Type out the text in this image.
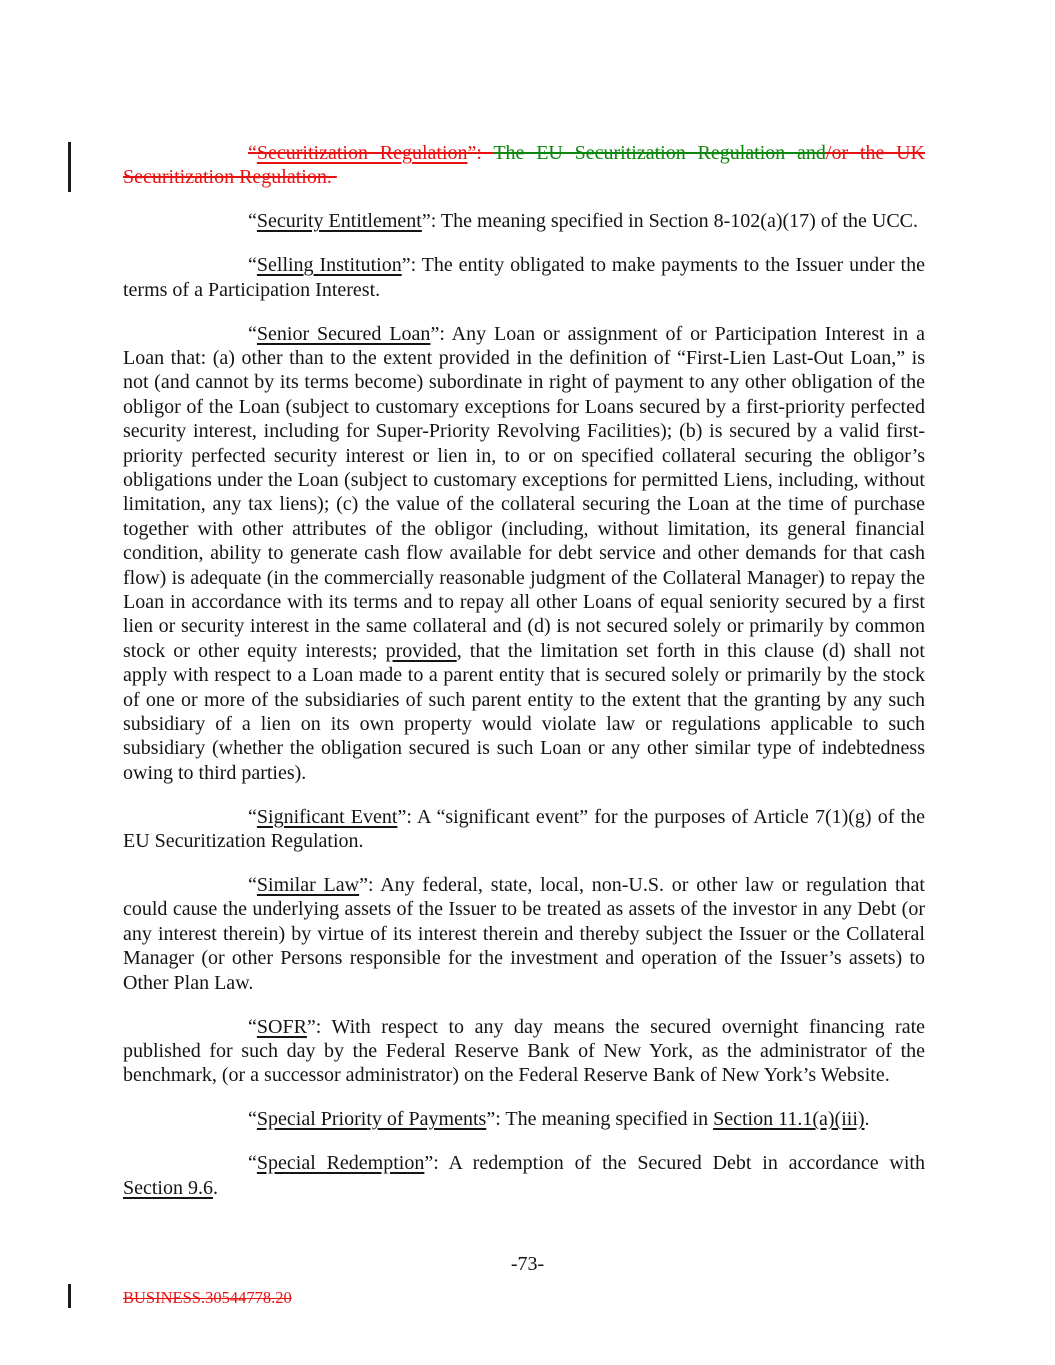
“Securitization Regulation”: The EU Securitization Regulation and/or the UK Securitization Regulation.

“Security Entitlement”: The meaning specified in Section 8-102(a)(17) of the UCC.

“Selling Institution”: The entity obligated to make payments to the Issuer under the terms of a Participation Interest.

“Senior Secured Loan”: Any Loan or assignment of or Participation Interest in a Loan that: (a) other than to the extent provided in the definition of “First-Lien Last-Out Loan,” is not (and cannot by its terms become) subordinate in right of payment to any other obligation of the obligor of the Loan (subject to customary exceptions for Loans secured by a first-priority perfected security interest, including for Super-Priority Revolving Facilities); (b) is secured by a valid first-priority perfected security interest or lien in, to or on specified collateral securing the obligor’s obligations under the Loan (subject to customary exceptions for permitted Liens, including, without limitation, any tax liens); (c) the value of the collateral securing the Loan at the time of purchase together with other attributes of the obligor (including, without limitation, its general financial condition, ability to generate cash flow available for debt service and other demands for that cash flow) is adequate (in the commercially reasonable judgment of the Collateral Manager) to repay the Loan in accordance with its terms and to repay all other Loans of equal seniority secured by a first lien or security interest in the same collateral and (d) is not secured solely or primarily by common stock or other equity interests; provided, that the limitation set forth in this clause (d) shall not apply with respect to a Loan made to a parent entity that is secured solely or primarily by the stock of one or more of the subsidiaries of such parent entity to the extent that the granting by any such subsidiary of a lien on its own property would violate law or regulations applicable to such subsidiary (whether the obligation secured is such Loan or any other similar type of indebtedness owing to third parties).

“Significant Event”: A “significant event” for the purposes of Article 7(1)(g) of the EU Securitization Regulation.

“Similar Law”: Any federal, state, local, non-U.S. or other law or regulation that could cause the underlying assets of the Issuer to be treated as assets of the investor in any Debt (or any interest therein) by virtue of its interest therein and thereby subject the Issuer or the Collateral Manager (or other Persons responsible for the investment and operation of the Issuer’s assets) to Other Plan Law.

“SOFR”: With respect to any day means the secured overnight financing rate published for such day by the Federal Reserve Bank of New York, as the administrator of the benchmark, (or a successor administrator) on the Federal Reserve Bank of New York’s Website.

“Special Priority of Payments”: The meaning specified in Section 11.1(a)(iii).

“Special Redemption”: A redemption of the Secured Debt in accordance with Section 9.6.

-73-
BUSINESS.30544778.20
